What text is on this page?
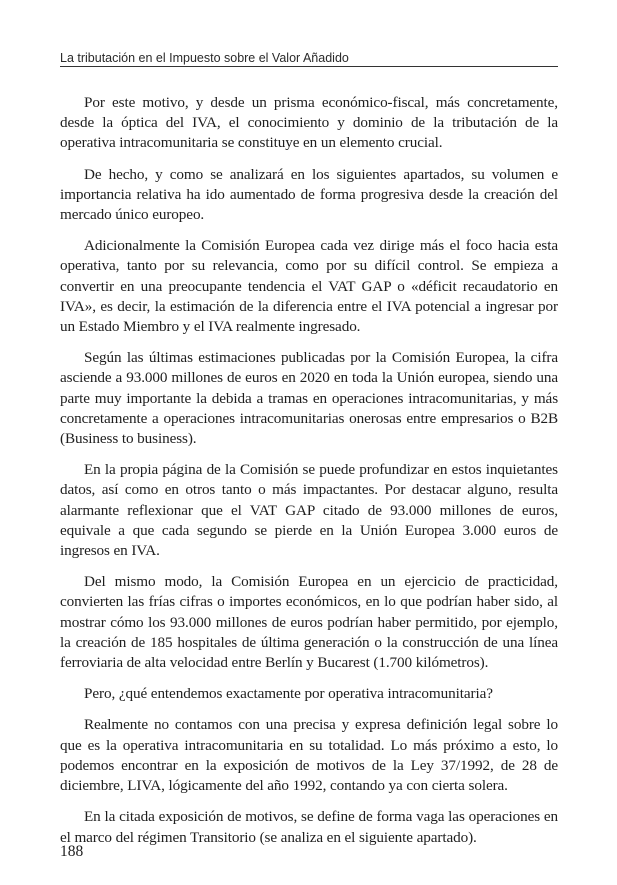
La tributación en el Impuesto sobre el Valor Añadido

Por este motivo, y desde un prisma económico-fiscal, más concretamente, desde la óptica del IVA, el conocimiento y dominio de la tributación de la operativa intracomunitaria se constituye en un elemento crucial.

De hecho, y como se analizará en los siguientes apartados, su volumen e importancia relativa ha ido aumentado de forma progresiva desde la creación del mercado único europeo.

Adicionalmente la Comisión Europea cada vez dirige más el foco hacia esta operativa, tanto por su relevancia, como por su difícil control. Se empieza a convertir en una preocupante tendencia el VAT GAP o «déficit recaudatorio en IVA», es decir, la estimación de la diferencia entre el IVA potencial a ingresar por un Estado Miembro y el IVA realmente ingresado.

Según las últimas estimaciones publicadas por la Comisión Europea, la cifra asciende a 93.000 millones de euros en 2020 en toda la Unión europea, siendo una parte muy importante la debida a tramas en operaciones intracomunitarias, y más concretamente a operaciones intracomunitarias onerosas entre empresarios o B2B (Business to business).

En la propia página de la Comisión se puede profundizar en estos inquietantes datos, así como en otros tanto o más impactantes. Por destacar alguno, resulta alarmante reflexionar que el VAT GAP citado de 93.000 millones de euros, equivale a que cada segundo se pierde en la Unión Europea 3.000 euros de ingresos en IVA.

Del mismo modo, la Comisión Europea en un ejercicio de practicidad, convierten las frías cifras o importes económicos, en lo que podrían haber sido, al mostrar cómo los 93.000 millones de euros podrían haber permitido, por ejemplo, la creación de 185 hospitales de última generación o la construcción de una línea ferroviaria de alta velocidad entre Berlín y Bucarest (1.700 kilómetros).

Pero, ¿qué entendemos exactamente por operativa intracomunitaria?

Realmente no contamos con una precisa y expresa definición legal sobre lo que es la operativa intracomunitaria en su totalidad. Lo más próximo a esto, lo podemos encontrar en la exposición de motivos de la Ley 37/1992, de 28 de diciembre, LIVA, lógicamente del año 1992, contando ya con cierta solera.

En la citada exposición de motivos, se define de forma vaga las operaciones en el marco del régimen Transitorio (se analiza en el siguiente apartado).

188
